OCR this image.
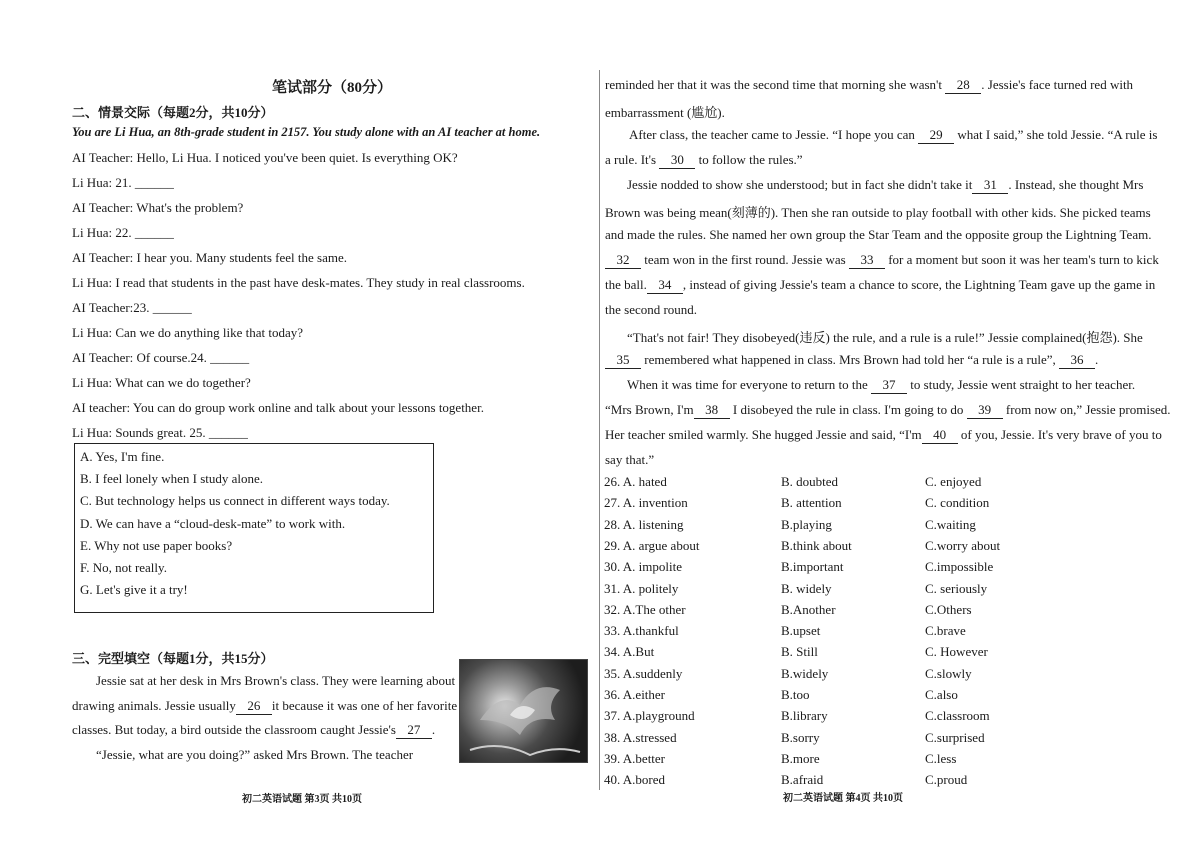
笔试部分（80分）
二、情景交际（每题2分，共10分）
You are Li Hua, an 8th-grade student in 2157. You study alone with an AI teacher at home.
AI Teacher: Hello, Li Hua. I noticed you've been quiet. Is everything OK?
Li Hua: 21. ______
AI Teacher: What's the problem?
Li Hua: 22. ______
AI Teacher: I hear you. Many students feel the same.
Li Hua: I read that students in the past have desk-mates. They study in real classrooms.
AI Teacher:23. ______
Li Hua: Can we do anything like that today?
AI Teacher: Of course.24. ______
Li Hua: What can we do together?
AI teacher: You can do group work online and talk about your lessons together.
Li Hua: Sounds great. 25. ______
A. Yes, I'm fine.
B. I feel lonely when I study alone.
C. But technology helps us connect in different ways today.
D. We can have a “cloud-desk-mate” to work with.
E. Why not use paper books?
F. No, not really.
G. Let's give it a try!
三、完型填空（每题1分，共15分）
Jessie sat at her desk in Mrs Brown's class. They were learning about
drawing animals. Jessie usually 26 it because it was one of her favorite
classes. But today, a bird outside the classroom caught Jessie's 27 .
“Jessie, what are you doing?” asked Mrs Brown. The teacher
reminded her that it was the second time that morning she wasn't 28 . Jessie's face turned red with
embarrassment (尴尬).
After class, the teacher came to Jessie. “I hope you can 29 what I said,” she told Jessie. “A rule is
a rule. It's 30 to follow the rules.”
Jessie nodded to show she understood; but in fact she didn't take it 31 . Instead, she thought Mrs
Brown was being mean(刻薄的). Then she ran outside to play football with other kids. She picked teams
and made the rules. She named her own group the Star Team and the opposite group the Lightning Team.
32 team won in the first round. Jessie was 33 for a moment but soon it was her team's turn to kick
the ball. 34 , instead of giving Jessie's team a chance to score, the Lightning Team gave up the game in
the second round.
“That's not fair! They disobeyed(违反) the rule, and a rule is a rule!” Jessie complained(抱怨). She
35 remembered what happened in class. Mrs Brown had told her “a rule is a rule”, 36 .
When it was time for everyone to return to the 37 to study, Jessie went straight to her teacher.
“Mrs Brown, I'm 38 I disobeyed the rule in class. I'm going to do 39 from now on,” Jessie promised.
Her teacher smiled warmly. She hugged Jessie and said, “I'm 40 of you, Jessie. It's very brave of you to
say that.”
26. A. hated	B. doubted	C. enjoyed
27. A. invention	B. attention	C. condition
28. A. listening	B.playing	C.waiting
29. A. argue about	B.think about	C.worry about
30. A. impolite	B.important	C.impossible
31. A. politely	B. widely	C. seriously
32. A.The other	B.Another	C.Others
33. A.thankful	B.upset	C.brave
34. A.But	B. Still	C. However
35. A.suddenly	B.widely	C.slowly
36. A.either	B.too	C.also
37. A.playground	B.library	C.classroom
38. A.stressed	B.sorry	C.surprised
39. A.better	B.more	C.less
40. A.bored	B.afraid	C.proud
初二英语试题 第3页 共10页	初二英语试题 第4页 共10页
